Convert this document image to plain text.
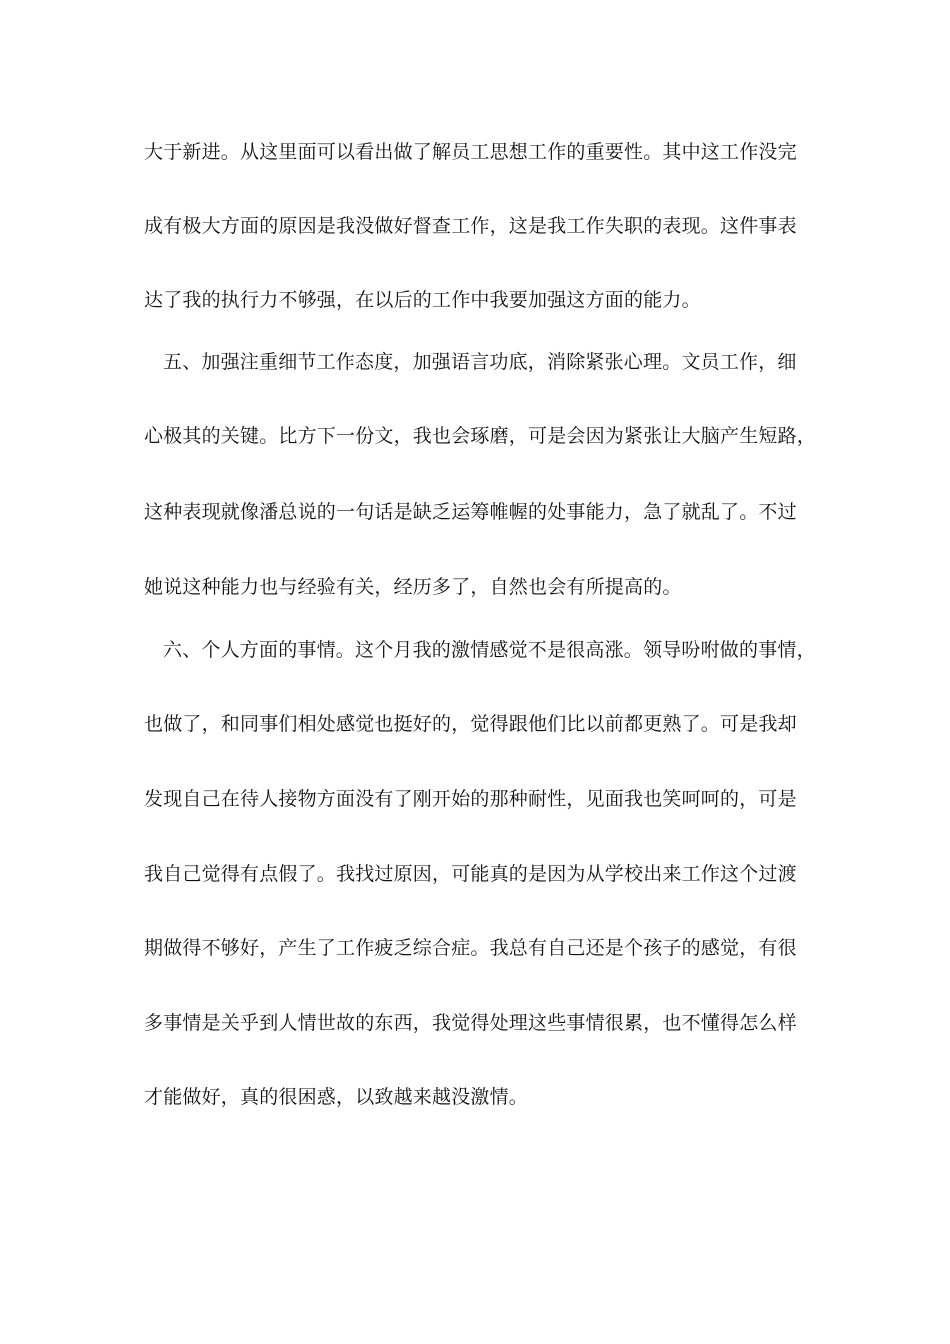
大于新进。从这里面可以看出做了解员工思想工作的重要性。其中这工作没完
成有极大方面的原因是我没做好督查工作，这是我工作失职的表现。这件事表
达了我的执行力不够强，在以后的工作中我要加强这方面的能力。
五、加强注重细节工作态度，加强语言功底，消除紧张心理。文员工作，细
心极其的关键。比方下一份文，我也会琢磨，可是会因为紧张让大脑产生短路，
这种表现就像潘总说的一句话是缺乏运筹帷幄的处事能力，急了就乱了。不过
她说这种能力也与经验有关，经历多了，自然也会有所提高的。
六、个人方面的事情。这个月我的激情感觉不是很高涨。领导吩咐做的事情，
也做了，和同事们相处感觉也挺好的，觉得跟他们比以前都更熟了。可是我却
发现自己在待人接物方面没有了刚开始的那种耐性，见面我也笑呵呵的，可是
我自己觉得有点假了。我找过原因，可能真的是因为从学校出来工作这个过渡
期做得不够好，产生了工作疲乏综合症。我总有自己还是个孩子的感觉，有很
多事情是关乎到人情世故的东西，我觉得处理这些事情很累，也不懂得怎么样
才能做好，真的很困惑，以致越来越没激情。
